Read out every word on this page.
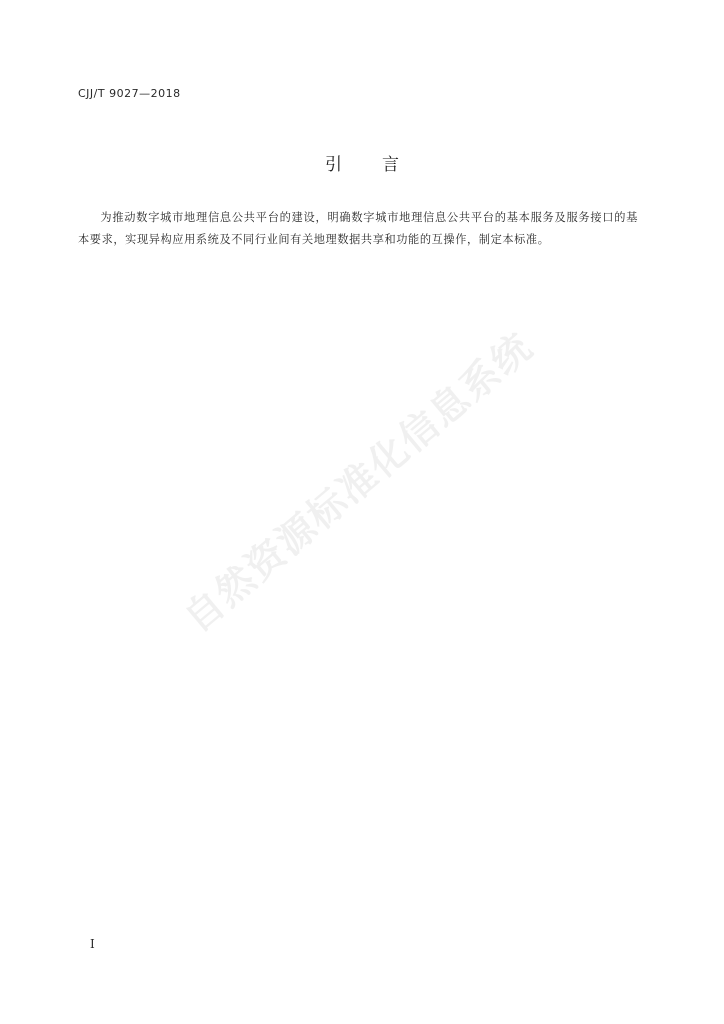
CJJ/T 9027—2018
引 言
为推动数字城市地理信息公共平台的建设，明确数字城市地理信息公共平台的基本服务及服务接口的基本要求，实现异构应用系统及不同行业间有关地理数据共享和功能的互操作，制定本标准。
自然资源标准化信息系统
I
